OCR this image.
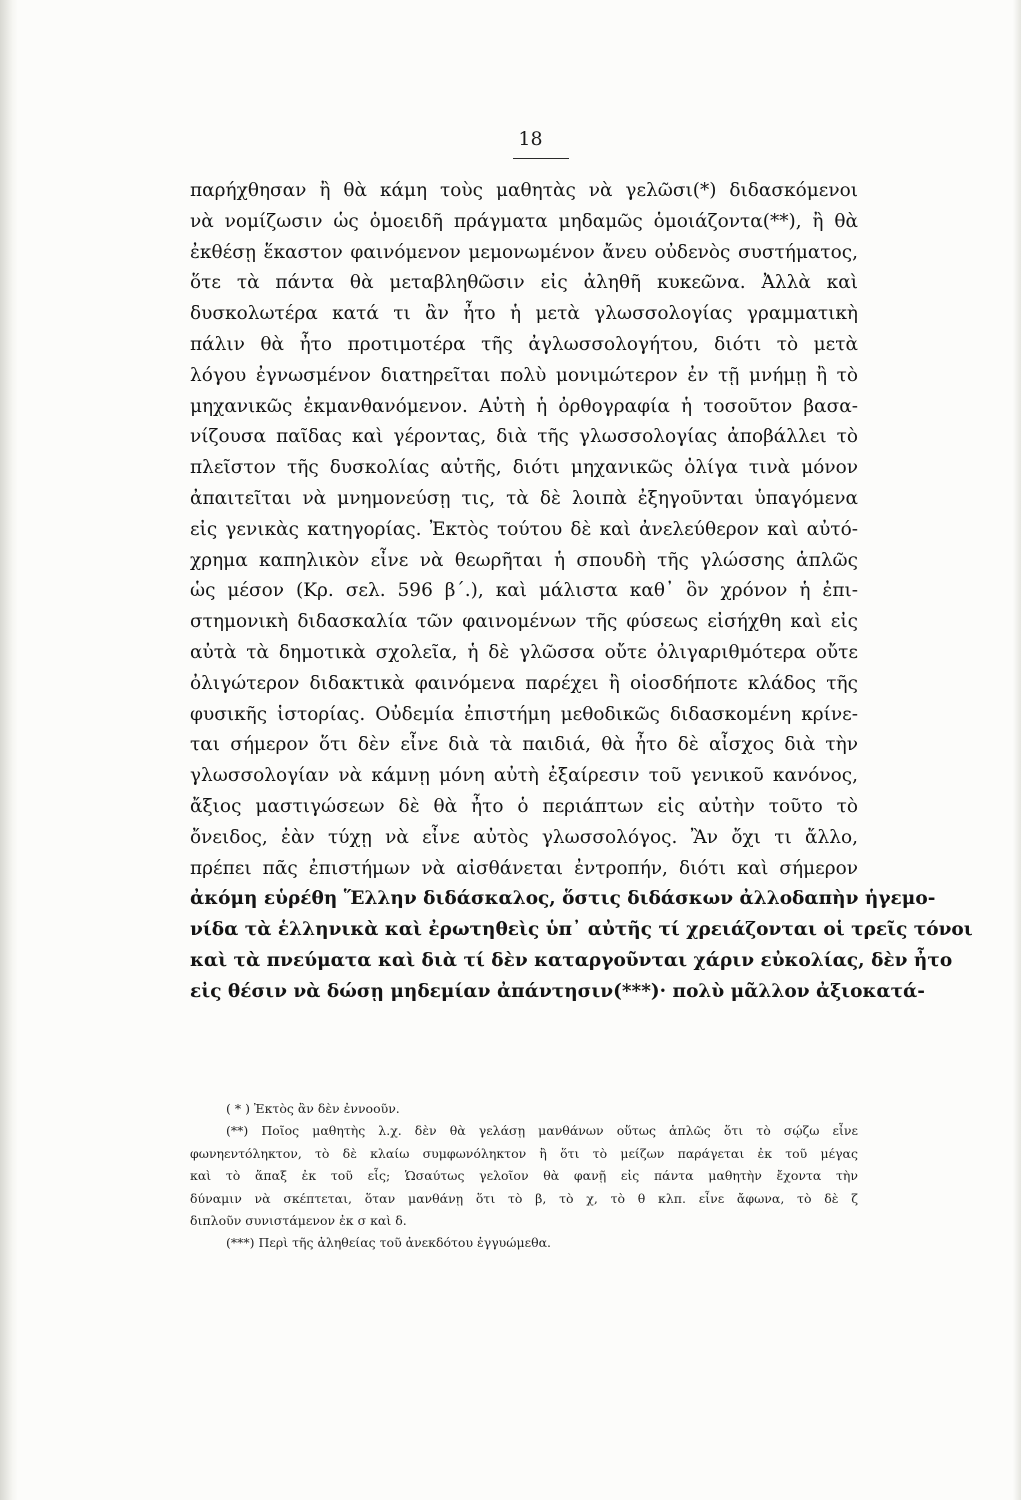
18
παρήχθησαν ἢ θὰ κάμη τοὺς μαθητὰς νὰ γελῶσι(*) διδασκόμενοι
νὰ νομίζωσιν ὡς ὁμοειδῆ πράγματα μηδαμῶς ὁμοιάζοντα(**), ἢ θὰ
ἐκθέσῃ ἕκαστον φαινόμενον μεμονωμένον ἄνευ οὐδενὸς συστήματος,
ὅτε τὰ πάντα θὰ μεταβληθῶσιν εἰς ἀληθῆ κυκεῶνα. Ἀλλὰ καὶ
δυσκολωτέρα κατά τι ἂν ἦτο ἡ μετὰ γλωσσολογίας γραμματικὴ
πάλιν θὰ ἦτο προτιμοτέρα τῆς ἀγλωσσολογήτου, διότι τὸ μετὰ
λόγου ἐγνωσμένον διατηρεῖται πολὺ μονιμώτερον ἐν τῇ μνήμῃ ἢ τὸ
μηχανικῶς ἐκμανθανόμενον. Αὐτὴ ἡ ὀρθογραφία ἡ τοσοῦτον βασα-
νίζουσα παῖδας καὶ γέροντας, διὰ τῆς γλωσσολογίας ἀποβάλλει τὸ
πλεῖστον τῆς δυσκολίας αὐτῆς, διότι μηχανικῶς ὀλίγα τινὰ μόνον
ἀπαιτεῖται νὰ μνημονεύσῃ τις, τὰ δὲ λοιπὰ ἐξηγοῦνται ὑπαγόμενα
εἰς γενικὰς κατηγορίας. Ἐκτὸς τούτου δὲ καὶ ἀνελεύθερον καὶ αὐτό-
χρημα καπηλικὸν εἶνε νὰ θεωρῆται ἡ σπουδὴ τῆς γλώσσης ἁπλῶς
ὡς μέσον (Κρ. σελ. 596 β΄.), καὶ μάλιστα καθ᾽ ὃν χρόνον ἡ ἐπι-
στημονικὴ διδασκαλία τῶν φαινομένων τῆς φύσεως εἰσήχθη καὶ εἰς
αὐτὰ τὰ δημοτικὰ σχολεῖα, ἡ δὲ γλῶσσα οὔτε ὀλιγαριθμότερα οὔτε
ὀλιγώτερον διδακτικὰ φαινόμενα παρέχει ἢ οἱοσδήποτε κλάδος τῆς
φυσικῆς ἱστορίας. Οὐδεμία ἐπιστήμη μεθοδικῶς διδασκομένη κρίνε-
ται σήμερον ὅτι δὲν εἶνε διὰ τὰ παιδιά, θὰ ἦτο δὲ αἶσχος διὰ τὴν
γλωσσολογίαν νὰ κάμνῃ μόνη αὐτὴ ἐξαίρεσιν τοῦ γενικοῦ κανόνος,
ἄξιος μαστιγώσεων δὲ θὰ ἦτο ὁ περιάπτων εἰς αὐτὴν τοῦτο τὸ
ὄνειδος, ἐὰν τύχῃ νὰ εἶνε αὐτὸς γλωσσολόγος. Ἂν ὄχι τι ἄλλο,
πρέπει πᾶς ἐπιστήμων νὰ αἰσθάνεται ἐντροπήν, διότι καὶ σήμερον
ἀκόμη εὑρέθη Ἕλλην διδάσκαλος, ὅστις διδάσκων ἀλλοδαπὴν ἡγεμο-
νίδα τὰ ἑλληνικὰ καὶ ἐρωτηθεὶς ὑπ᾽ αὐτῆς τί χρειάζονται οἱ τρεῖς τόνοι
καὶ τὰ πνεύματα καὶ διὰ τί δὲν καταργοῦνται χάριν εὐκολίας, δὲν ἦτο
εἰς θέσιν νὰ δώσῃ μηδεμίαν ἀπάντησιν(***)· πολὺ μᾶλλον ἀξιοκατά-
( * ) Ἐκτὸς ἂν δὲν ἐννοοῦν.
(**) Ποῖος μαθητὴς λ.χ. δὲν θὰ γελάσῃ μανθάνων οὕτως ἁπλῶς ὅτι τὸ σῴζω εἶνε
φωνηεντόληκτον, τὸ δὲ κλαίω συμφωνόληκτον ἢ ὅτι τὸ μείζων παράγεται ἐκ τοῦ μέγας
καὶ τὸ ἅπαξ ἐκ τοῦ εἷς; Ὡσαύτως γελοῖον θὰ φανῇ εἰς πάντα μαθητὴν ἔχοντα τὴν
δύναμιν νὰ σκέπτεται, ὅταν μανθάνῃ ὅτι τὸ β, τὸ χ, τὸ θ κλπ. εἶνε ἄφωνα, τὸ δὲ ζ
διπλοῦν συνιστάμενον ἐκ σ καὶ δ.
(***) Περὶ τῆς ἀληθείας τοῦ ἀνεκδότου ἐγγυώμεθα.
